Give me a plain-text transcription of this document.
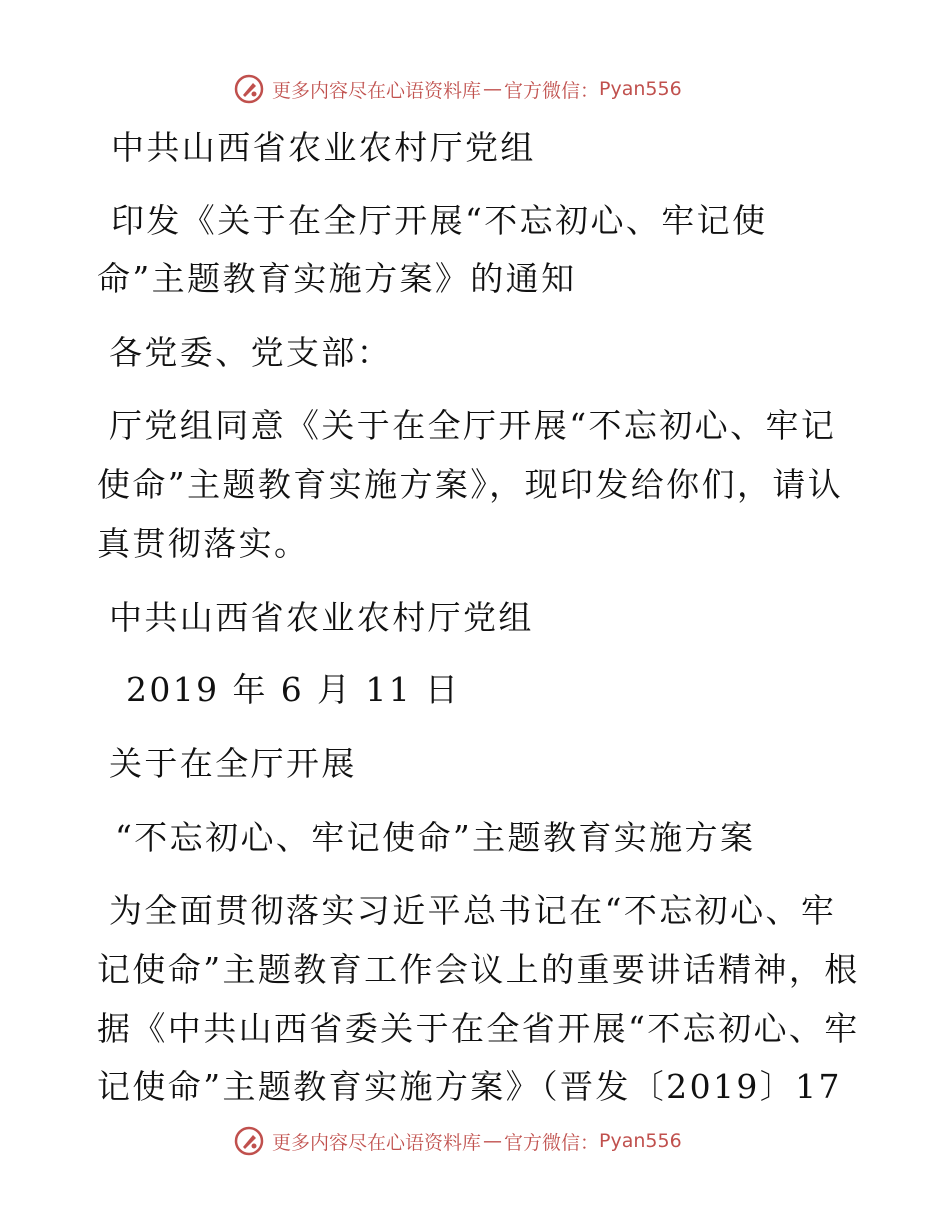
更多内容尽在心语资料库 — 官方微信： Pyan556
中共山西省农业农村厅党组
印发《关于在全厅开展“不忘初心、牢记使
命”主题教育实施方案》的通知
各党委、党支部：
厅党组同意《关于在全厅开展“不忘初心、牢记
使命”主题教育实施方案》，现印发给你们，请认
真贯彻落实。
中共山西省农业农村厅党组
2019 年 6 月 11 日
关于在全厅开展
“不忘初心、牢记使命”主题教育实施方案
为全面贯彻落实习近平总书记在“不忘初心、牢
记使命”主题教育工作会议上的重要讲话精神，根
据《中共山西省委关于在全省开展“不忘初心、牢
记使命”主题教育实施方案》（晋发〔2019〕17
更多内容尽在心语资料库 — 官方微信： Pyan556
